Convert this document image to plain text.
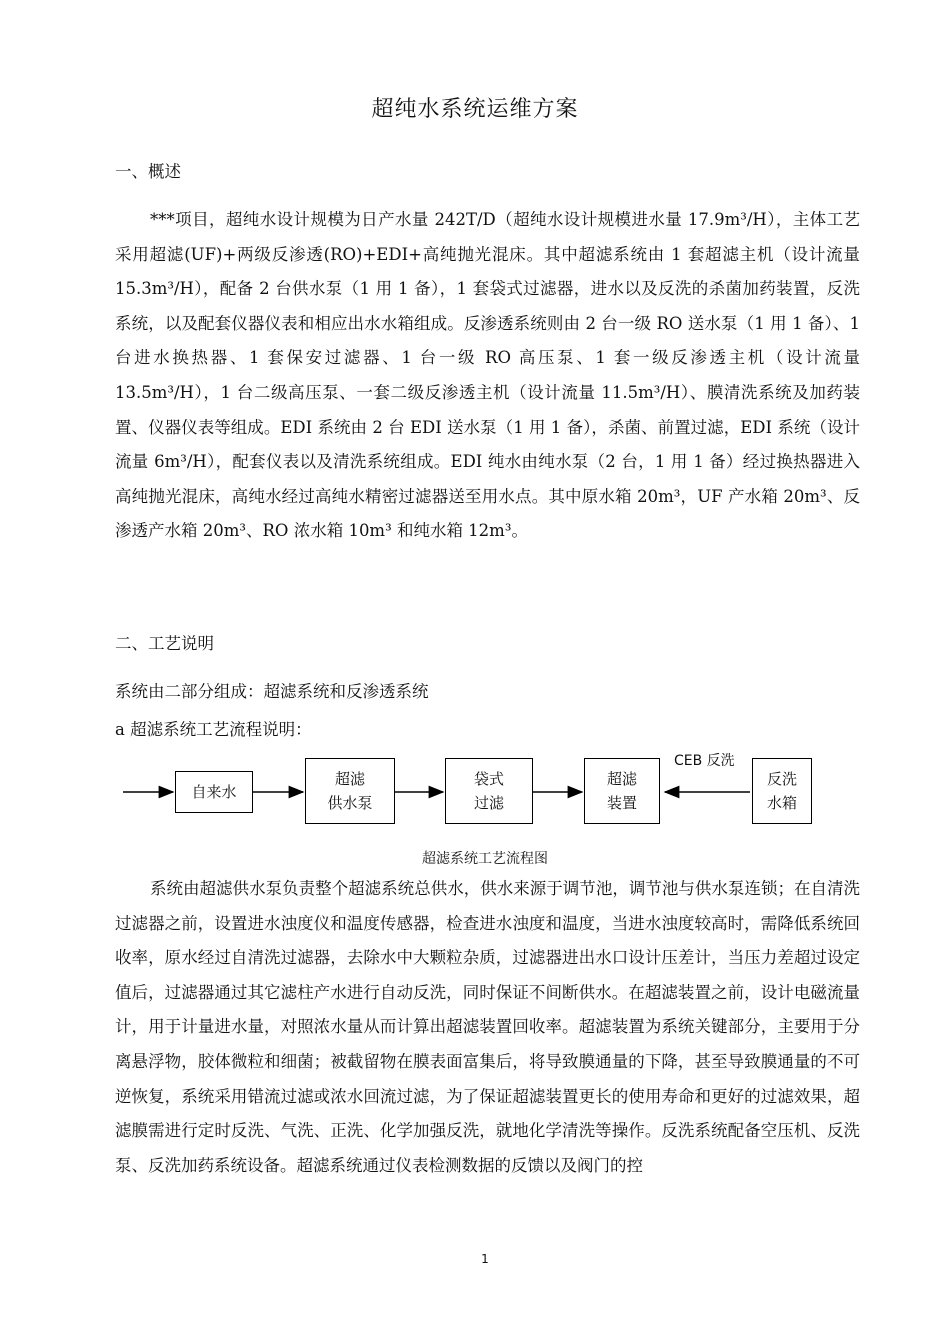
超纯水系统运维方案
一、概述

***项目，超纯水设计规模为日产水量 242T/D（超纯水设计规模进水量 17.9m³/H），主体工艺采用超滤(UF)+两级反渗透(RO)+EDI+高纯抛光混床。其中超滤系统由 1 套超滤主机（设计流量 15.3m³/H），配备 2 台供水泵（1 用 1 备），1 套袋式过滤器，进水以及反洗的杀菌加药装置，反洗系统，以及配套仪器仪表和相应出水水箱组成。反渗透系统则由 2 台一级 RO 送水泵（1 用 1 备）、1 台进水换热器、1 套保安过滤器、1 台一级 RO 高压泵、1 套一级反渗透主机（设计流量 13.5m³/H），1 台二级高压泵、一套二级反渗透主机（设计流量 11.5m³/H）、膜清洗系统及加药装置、仪器仪表等组成。EDI 系统由 2 台 EDI 送水泵（1 用 1 备），杀菌、前置过滤，EDI 系统（设计流量 6m³/H），配套仪表以及清洗系统组成。EDI 纯水由纯水泵（2 台，1 用 1 备）经过换热器进入高纯抛光混床，高纯水经过高纯水精密过滤器送至用水点。其中原水箱 20m³，UF 产水箱 20m³、反渗透产水箱 20m³、RO 浓水箱 10m³ 和纯水箱 12m³。

二、工艺说明
系统由二部分组成：超滤系统和反渗透系统
a 超滤系统工艺流程说明：
自来水
超滤
供水泵
袋式
过滤
超滤
装置
反洗
水箱
CEB 反洗
超滤系统工艺流程图

系统由超滤供水泵负责整个超滤系统总供水，供水来源于调节池，调节池与供水泵连锁；在自清洗过滤器之前，设置进水浊度仪和温度传感器，检查进水浊度和温度，当进水浊度较高时，需降低系统回收率，原水经过自清洗过滤器，去除水中大颗粒杂质，过滤器进出水口设计压差计，当压力差超过设定值后，过滤器通过其它滤柱产水进行自动反洗，同时保证不间断供水。在超滤装置之前，设计电磁流量计，用于计量进水量，对照浓水量从而计算出超滤装置回收率。超滤装置为系统关键部分，主要用于分离悬浮物，胶体微粒和细菌；被截留物在膜表面富集后，将导致膜通量的下降，甚至导致膜通量的不可逆恢复，系统采用错流过滤或浓水回流过滤，为了保证超滤装置更长的使用寿命和更好的过滤效果，超滤膜需进行定时反洗、气洗、正洗、化学加强反洗，就地化学清洗等操作。反洗系统配备空压机、反洗泵、反洗加药系统设备。超滤系统通过仪表检测数据的反馈以及阀门的控

1
